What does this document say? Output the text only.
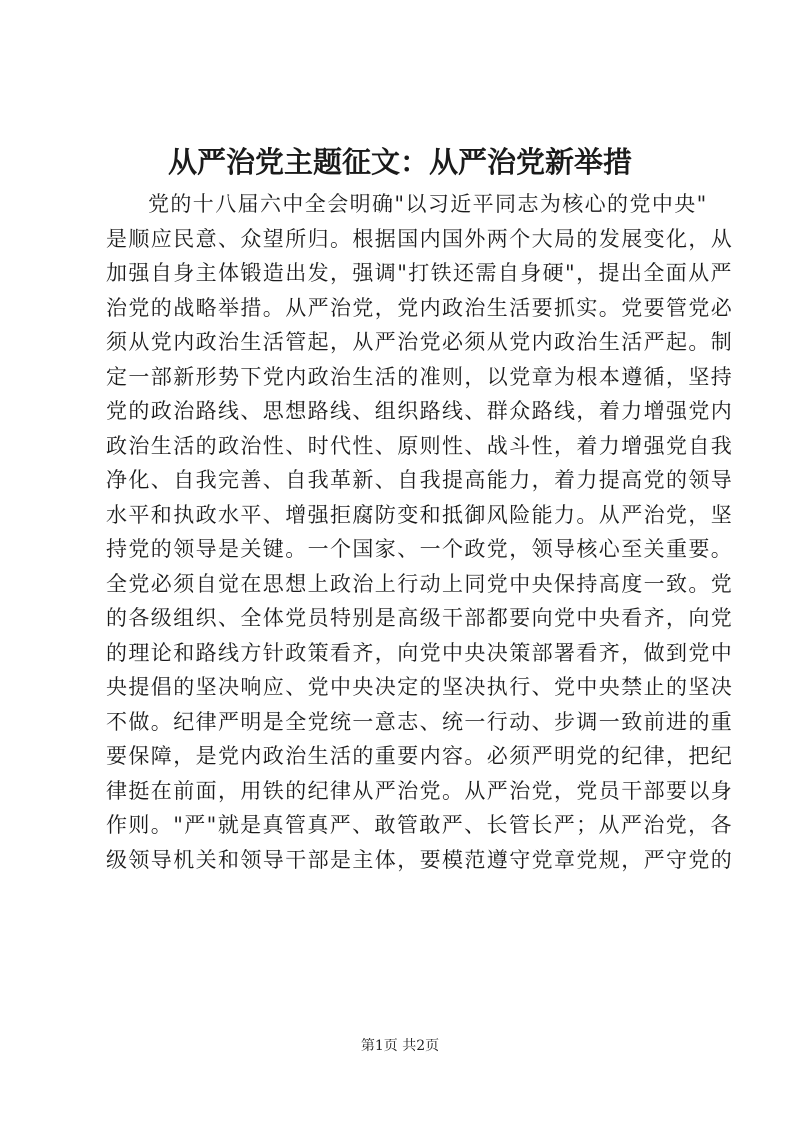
从严治党主题征文：从严治党新举措
党的十八届六中全会明确"以习近平同志为核心的党中央"
是顺应民意、众望所归。根据国内国外两个大局的发展变化，从
加强自身主体锻造出发，强调"打铁还需自身硬"，提出全面从严
治党的战略举措。从严治党，党内政治生活要抓实。党要管党必
须从党内政治生活管起，从严治党必须从党内政治生活严起。制
定一部新形势下党内政治生活的准则，以党章为根本遵循，坚持
党的政治路线、思想路线、组织路线、群众路线，着力增强党内
政治生活的政治性、时代性、原则性、战斗性，着力增强党自我
净化、自我完善、自我革新、自我提高能力，着力提高党的领导
水平和执政水平、增强拒腐防变和抵御风险能力。从严治党，坚
持党的领导是关键。一个国家、一个政党，领导核心至关重要。
全党必须自觉在思想上政治上行动上同党中央保持高度一致。党
的各级组织、全体党员特别是高级干部都要向党中央看齐，向党
的理论和路线方针政策看齐，向党中央决策部署看齐，做到党中
央提倡的坚决响应、党中央决定的坚决执行、党中央禁止的坚决
不做。纪律严明是全党统一意志、统一行动、步调一致前进的重
要保障，是党内政治生活的重要内容。必须严明党的纪律，把纪
律挺在前面，用铁的纪律从严治党。从严治党，党员干部要以身
作则。"严"就是真管真严、敢管敢严、长管长严；从严治党，各
级领导机关和领导干部是主体，要模范遵守党章党规，严守党的
第1页 共2页
